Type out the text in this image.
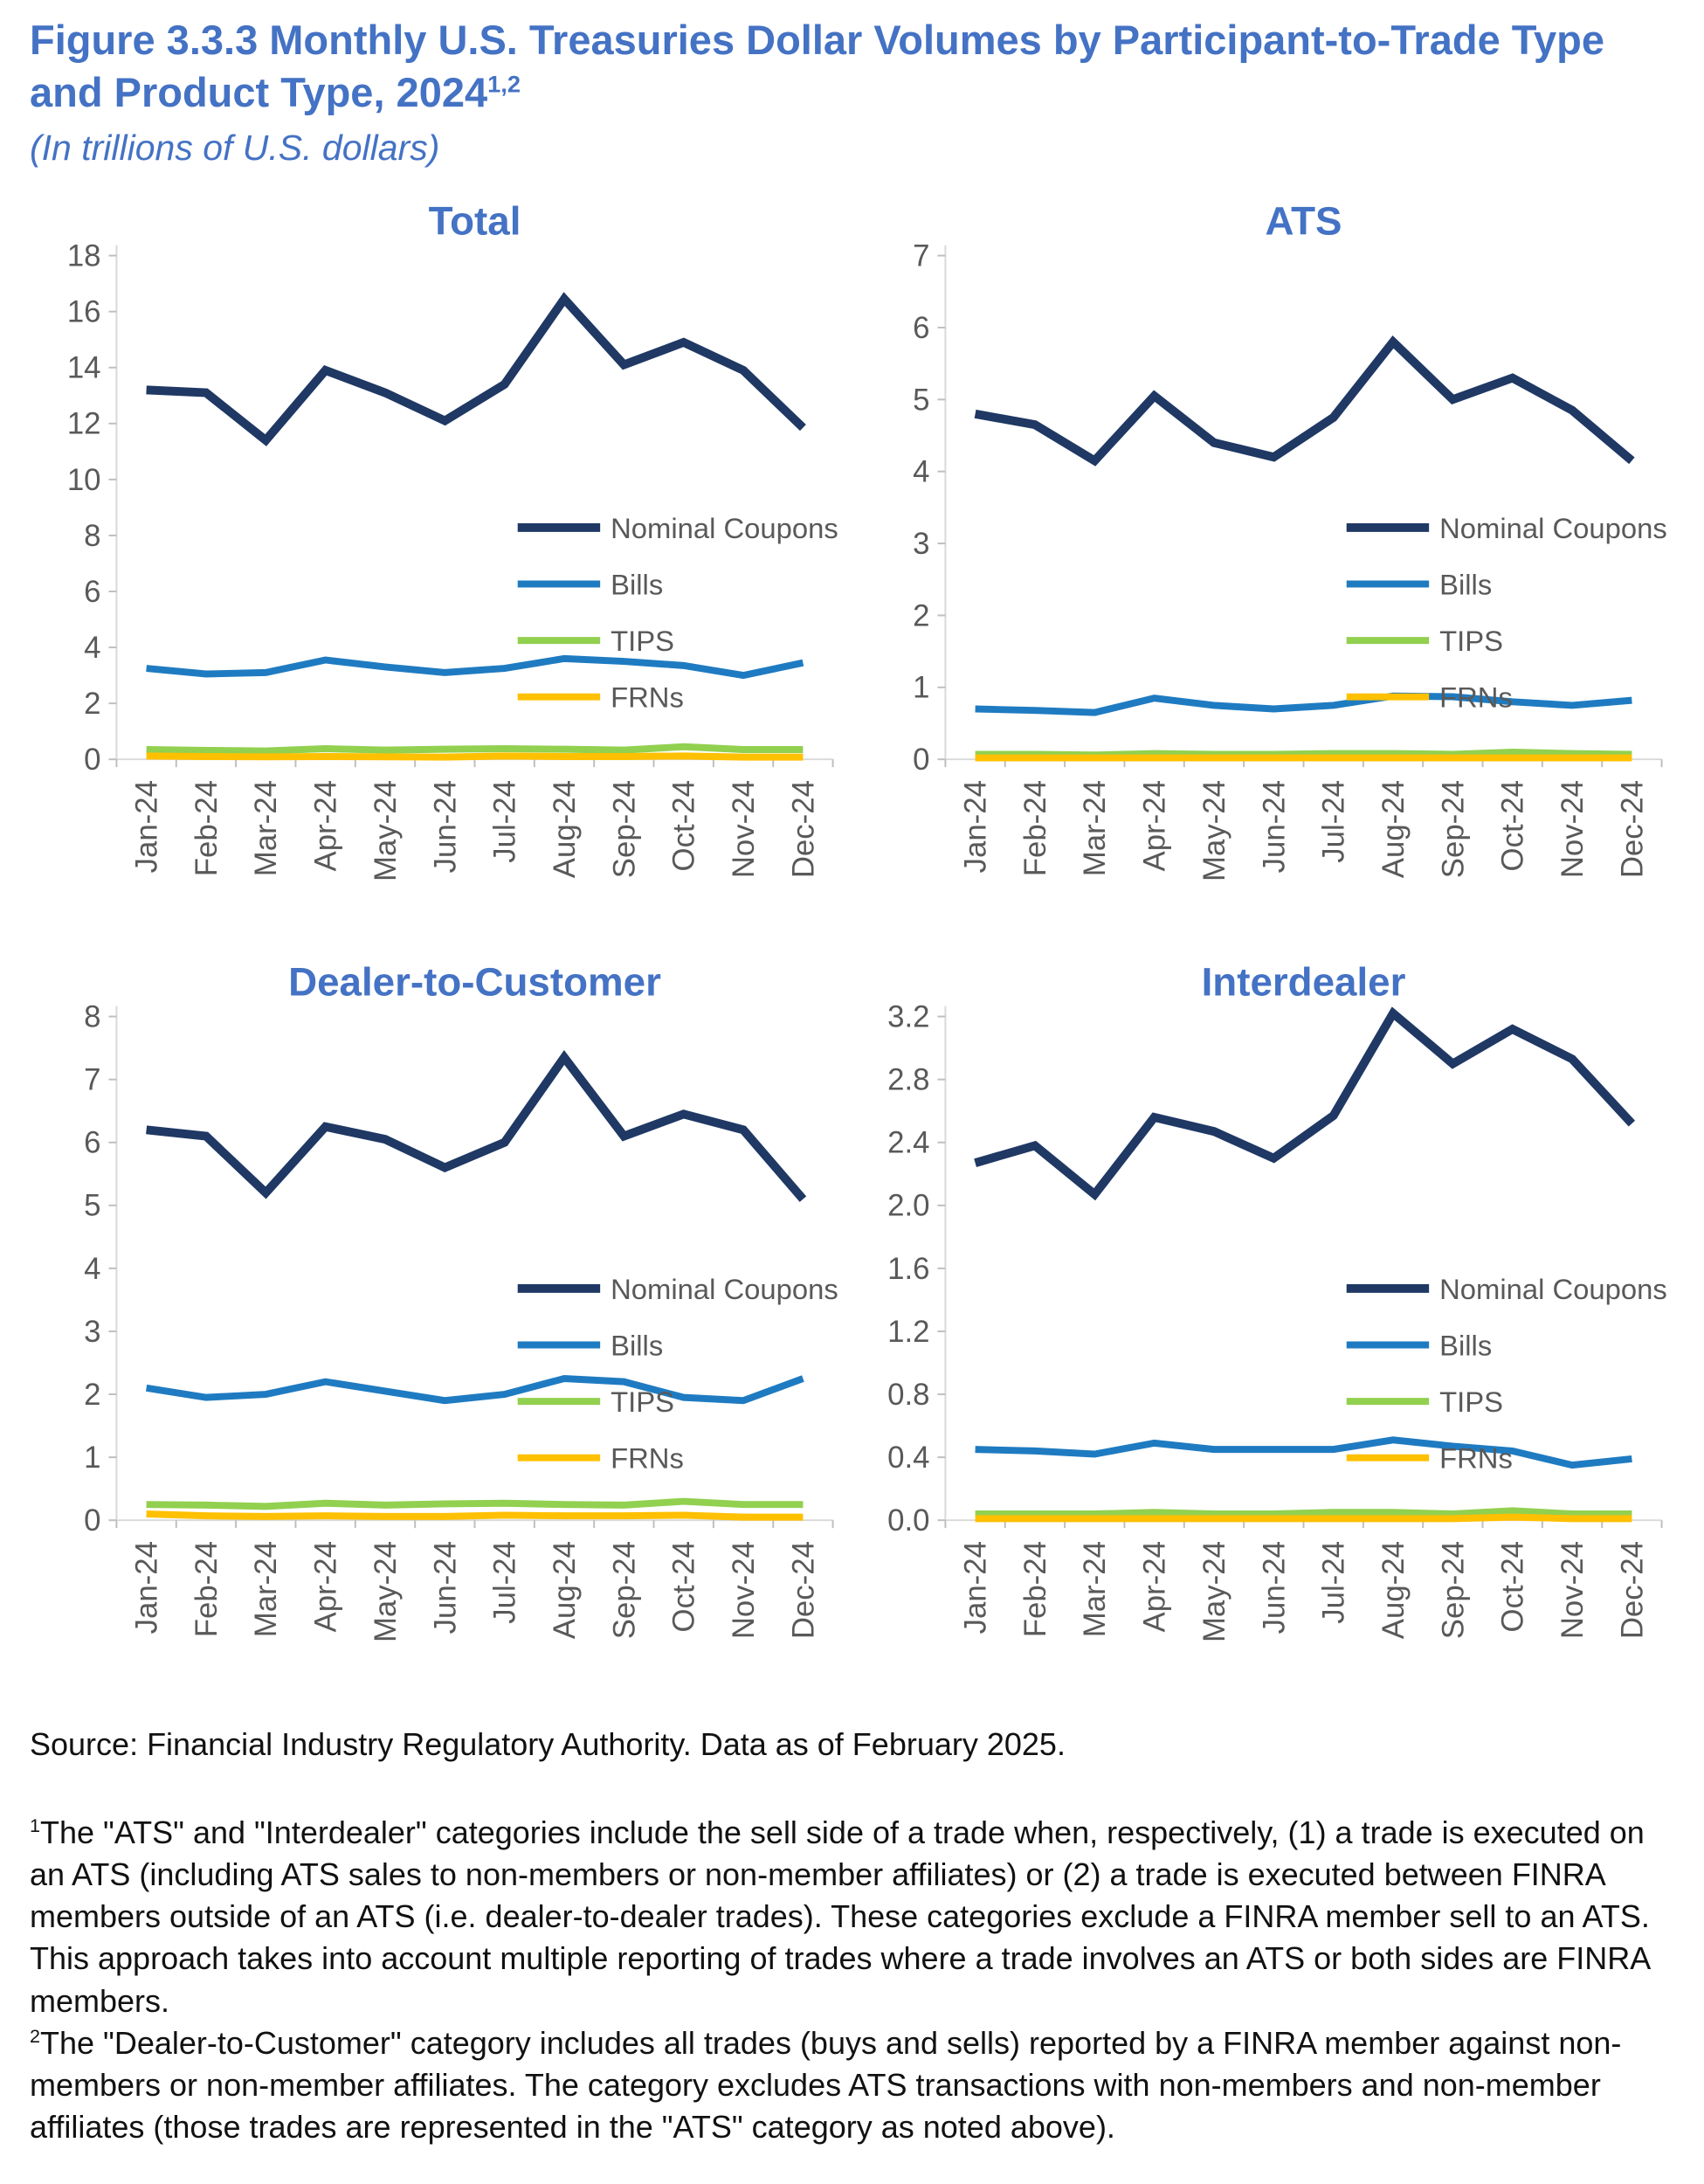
Figure 3.3.3 Monthly U.S. Treasuries Dollar Volumes by Participant-to-Trade Type
and Product Type, 2024$^{1,2}$
(In trillions of U.S. dollars)
Total
0
2
4
6
8
10
12
14
16
18
Jan-24 Feb-24 Mar-24 Apr-24 May-24 Jun-24 Jul-24 Aug-24 Sep-24 Oct-24 Nov-24 Dec-24
Nominal Coupons
Bills
TIPS
FRNs
ATS
0
1
2
3
4
5
6
7
Jan-24 Feb-24 Mar-24 Apr-24 May-24 Jun-24 Jul-24 Aug-24 Sep-24 Oct-24 Nov-24 Dec-24
Nominal Coupons
Bills
TIPS
FRNs
Dealer-to-Customer
0
1
2
3
4
5
6
7
8
Jan-24 Feb-24 Mar-24 Apr-24 May-24 Jun-24 Jul-24 Aug-24 Sep-24 Oct-24 Nov-24 Dec-24
Nominal Coupons
Bills
TIPS
FRNs
Interdealer
0.0
0.4
0.8
1.2
1.6
2.0
2.4
2.8
3.2
Jan-24 Feb-24 Mar-24 Apr-24 May-24 Jun-24 Jul-24 Aug-24 Sep-24 Oct-24 Nov-24 Dec-24
Nominal Coupons
Bills
TIPS
FRNs

Source: Financial Industry Regulatory Authority. Data as of February 2025.

$^1$The "ATS" and "Interdealer" categories include the sell side of a trade when, respectively, (1) a trade is executed on an ATS (including ATS sales to non-members or non-member affiliates) or (2) a trade is executed between FINRA members outside of an ATS (i.e. dealer-to-dealer trades). These categories exclude a FINRA member sell to an ATS. This approach takes into account multiple reporting of trades where a trade involves an ATS or both sides are FINRA members.

$^2$The "Dealer-to-Customer" category includes all trades (buys and sells) reported by a FINRA member against non-members or non-member affiliates. The category excludes ATS transactions with non-members and non-member affiliates (those trades are represented in the "ATS" category as noted above).
